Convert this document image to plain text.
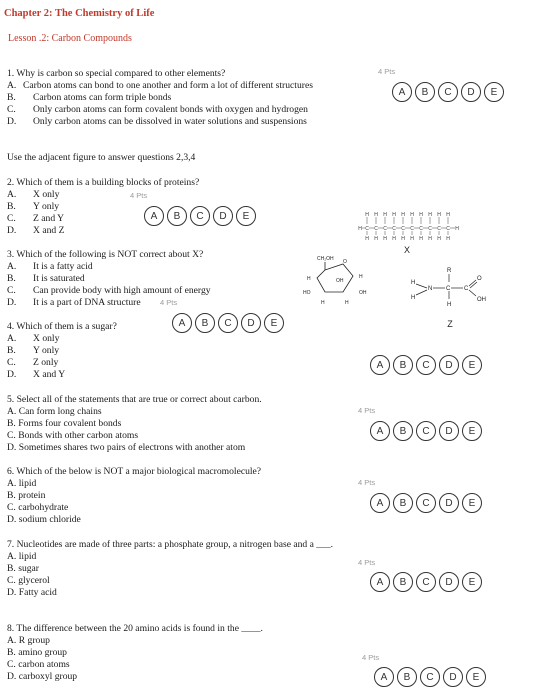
Chapter 2: The Chemistry of Life
Lesson .2: Carbon Compounds
1. Why is carbon so special compared to other elements?
A. Carbon atoms can bond to one another and form a lot of different structures
B. Carbon atoms can form triple bonds
C. Only carbon atoms can form covalent bonds with oxygen and hydrogen
D. Only carbon atoms can be dissolved in water solutions and suspensions
4 Pts
A	B	C	D	E
Use the adjacent figure to answer questions 2,3,4
2. Which of them is a building blocks of proteins?
A. X only
B. Y only
C. Z and Y
D. X and Z
4 Pts
A	B	C	D	E
3. Which of the following is NOT correct about X?
A. It is a fatty acid
B. It is saturated
C. Can provide body with high amount of energy
D. It is a part of DNA structure	4 Pts
4. Which of them is a sugar?
A. X only
B. Y only
C. Z only
D. X and Y
A	B	C	D	E
A	B	C	D	E
H
H
C
H
H
C
H
H
C
H
H
C
H
H
C
H
H
C
H
H
C
H
H
C
H
H
C
H
H
C
H
H
X
CH₂OH
HO	OH
OH
O
H	H
H	H
R
H
N
H
C C
O
OH
H
Z
5. Select all of the statements that are true or correct about carbon.
A. Can form long chains
B. Forms four covalent bonds
C. Bonds with other carbon atoms
D. Sometimes shares two pairs of electrons with another atom
4 Pts
A	B	C	D	E
6. Which of the below is NOT a major biological macromolecule?
A. lipid
B. protein
C. carbohydrate
D. sodium chloride
4 Pts
A	B	C	D	E
7. Nucleotides are made of three parts: a phosphate group, a nitrogen base and a ___.
A. lipid
B. sugar
C. glycerol
D. Fatty acid
4 Pts
A	B	C	D	E
8. The difference between the 20 amino acids is found in the ____.
A. R group
B. amino group
C. carbon atoms
D. carboxyl group
4 Pts
A	B	C	D	E
